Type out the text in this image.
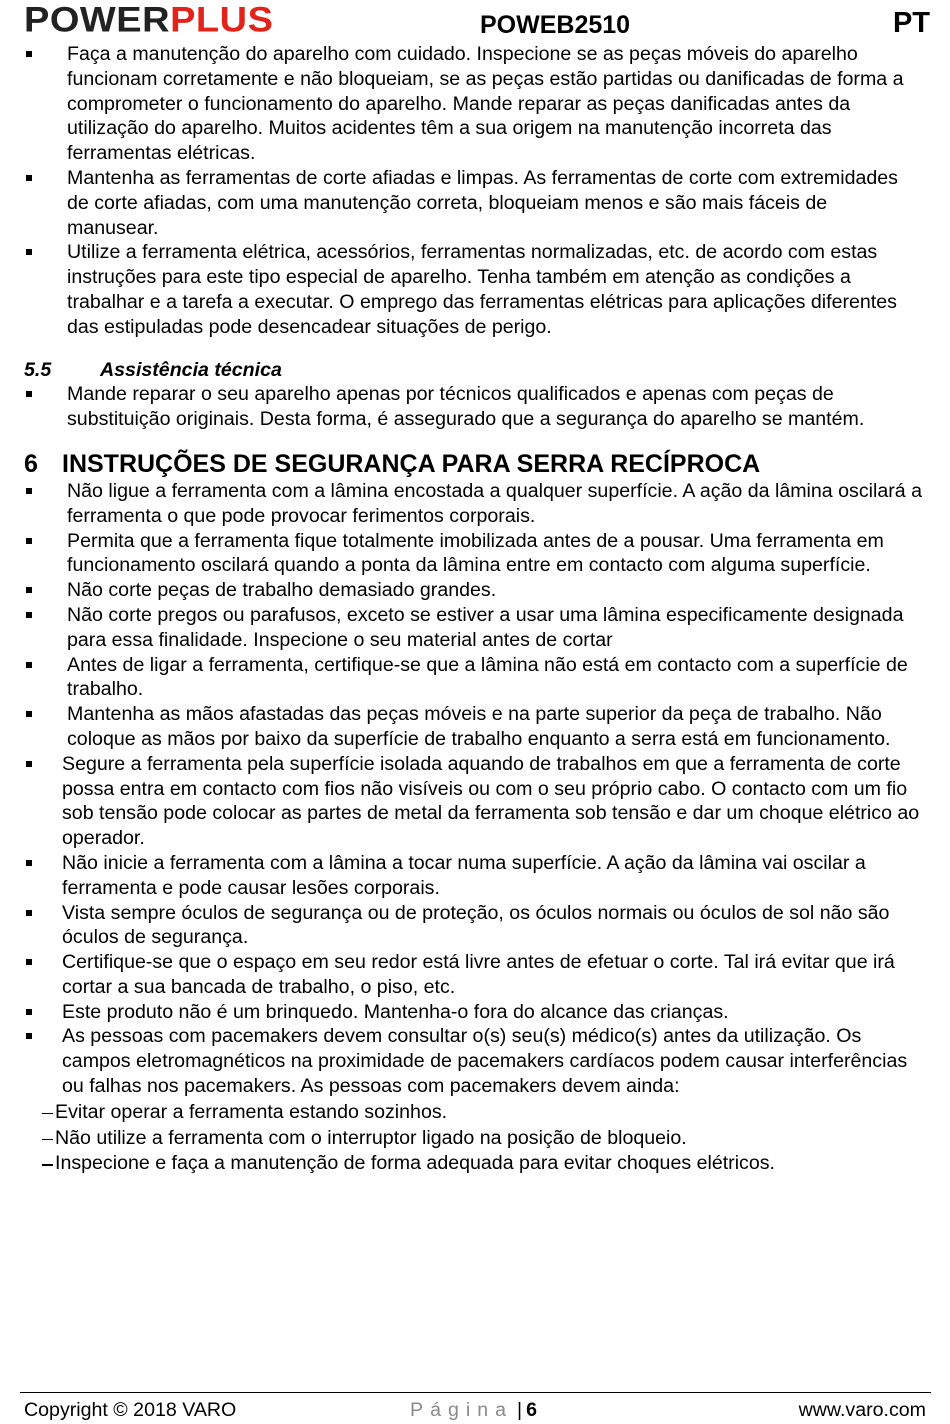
POWERPLUS	POWEB2510	PT
Faça a manutenção do aparelho com cuidado. Inspecione se as peças móveis do aparelho funcionam corretamente e não bloqueiam, se as peças estão partidas ou danificadas de forma a comprometer o funcionamento do aparelho. Mande reparar as peças danificadas antes da utilização do aparelho. Muitos acidentes têm a sua origem na manutenção incorreta das ferramentas elétricas.
Mantenha as ferramentas de corte afiadas e limpas. As ferramentas de corte com extremidades de corte afiadas, com uma manutenção correta, bloqueiam menos e são mais fáceis de manusear.
Utilize a ferramenta elétrica, acessórios, ferramentas normalizadas, etc. de acordo com estas instruções para este tipo especial de aparelho. Tenha também em atenção as condições a trabalhar e a tarefa a executar. O emprego das ferramentas elétricas para aplicações diferentes das estipuladas pode desencadear situações de perigo.
5.5	Assistência técnica
Mande reparar o seu aparelho apenas por técnicos qualificados e apenas com peças de substituição originais. Desta forma, é assegurado que a segurança do aparelho se mantém.
6 INSTRUÇÕES DE SEGURANÇA PARA SERRA RECÍPROCA
Não ligue a ferramenta com a lâmina encostada a qualquer superfície. A ação da lâmina oscilará a ferramenta o que pode provocar ferimentos corporais.
Permita que a ferramenta fique totalmente imobilizada antes de a pousar. Uma ferramenta em funcionamento oscilará quando a ponta da lâmina entre em contacto com alguma superfície.
Não corte peças de trabalho demasiado grandes.
Não corte pregos ou parafusos, exceto se estiver a usar uma lâmina especificamente designada para essa finalidade. Inspecione o seu material antes de cortar
Antes de ligar a ferramenta, certifique-se que a lâmina não está em contacto com a superfície de trabalho.
Mantenha as mãos afastadas das peças móveis e na parte superior da peça de trabalho. Não coloque as mãos por baixo da superfície de trabalho enquanto a serra está em funcionamento.
Segure a ferramenta pela superfície isolada aquando de trabalhos em que a ferramenta de corte possa entra em contacto com fios não visíveis ou com o seu próprio cabo. O contacto com um fio sob tensão pode colocar as partes de metal da ferramenta sob tensão e dar um choque elétrico ao operador.
Não inicie a ferramenta com a lâmina a tocar numa superfície. A ação da lâmina vai oscilar a ferramenta e pode causar lesões corporais.
Vista sempre óculos de segurança ou de proteção, os óculos normais ou óculos de sol não são óculos de segurança.
Certifique-se que o espaço em seu redor está livre antes de efetuar o corte. Tal irá evitar que irá cortar a sua bancada de trabalho, o piso, etc.
Este produto não é um brinquedo. Mantenha-o fora do alcance das crianças.
As pessoas com pacemakers devem consultar o(s) seu(s) médico(s) antes da utilização. Os campos eletromagnéticos na proximidade de pacemakers cardíacos podem causar interferências ou falhas nos pacemakers. As pessoas com pacemakers devem ainda:
Evitar operar a ferramenta estando sozinhos.
Não utilize a ferramenta com o interruptor ligado na posição de bloqueio.
Inspecione e faça a manutenção de forma adequada para evitar choques elétricos.
Copyright © 2018 VARO	Página | 6	www.varo.com
